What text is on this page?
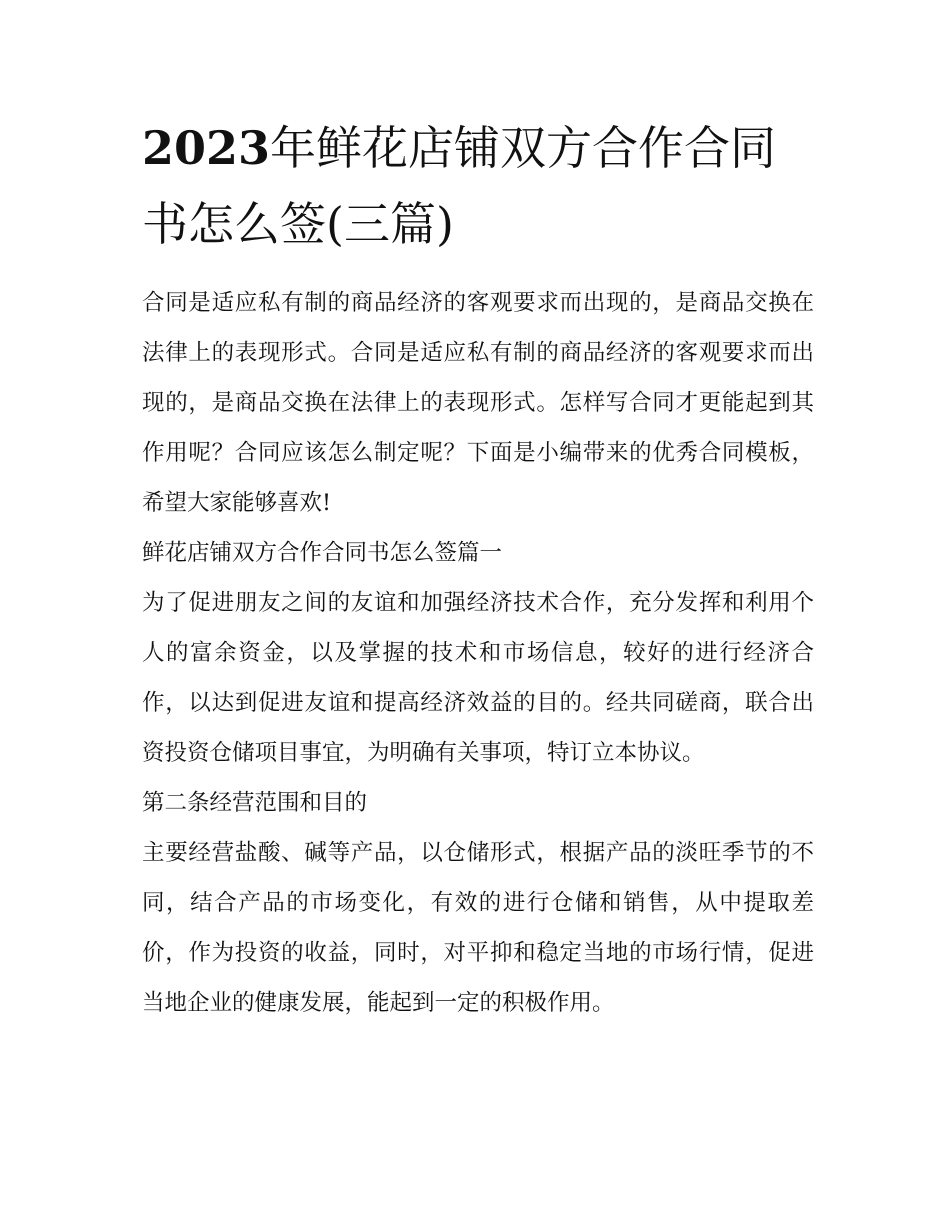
2023年鲜花店铺双方合作合同书怎么签(三篇)

合同是适应私有制的商品经济的客观要求而出现的，是商品交换在法律上的表现形式。合同是适应私有制的商品经济的客观要求而出现的，是商品交换在法律上的表现形式。怎样写合同才更能起到其作用呢？合同应该怎么制定呢？下面是小编带来的优秀合同模板，希望大家能够喜欢!

鲜花店铺双方合作合同书怎么签篇一

为了促进朋友之间的友谊和加强经济技术合作，充分发挥和利用个人的富余资金，以及掌握的技术和市场信息，较好的进行经济合作，以达到促进友谊和提高经济效益的目的。经共同磋商，联合出资投资仓储项目事宜，为明确有关事项，特订立本协议。

第二条经营范围和目的

主要经营盐酸、碱等产品，以仓储形式，根据产品的淡旺季节的不同，结合产品的市场变化，有效的进行仓储和销售，从中提取差价，作为投资的收益，同时，对平抑和稳定当地的市场行情，促进当地企业的健康发展，能起到一定的积极作用。
